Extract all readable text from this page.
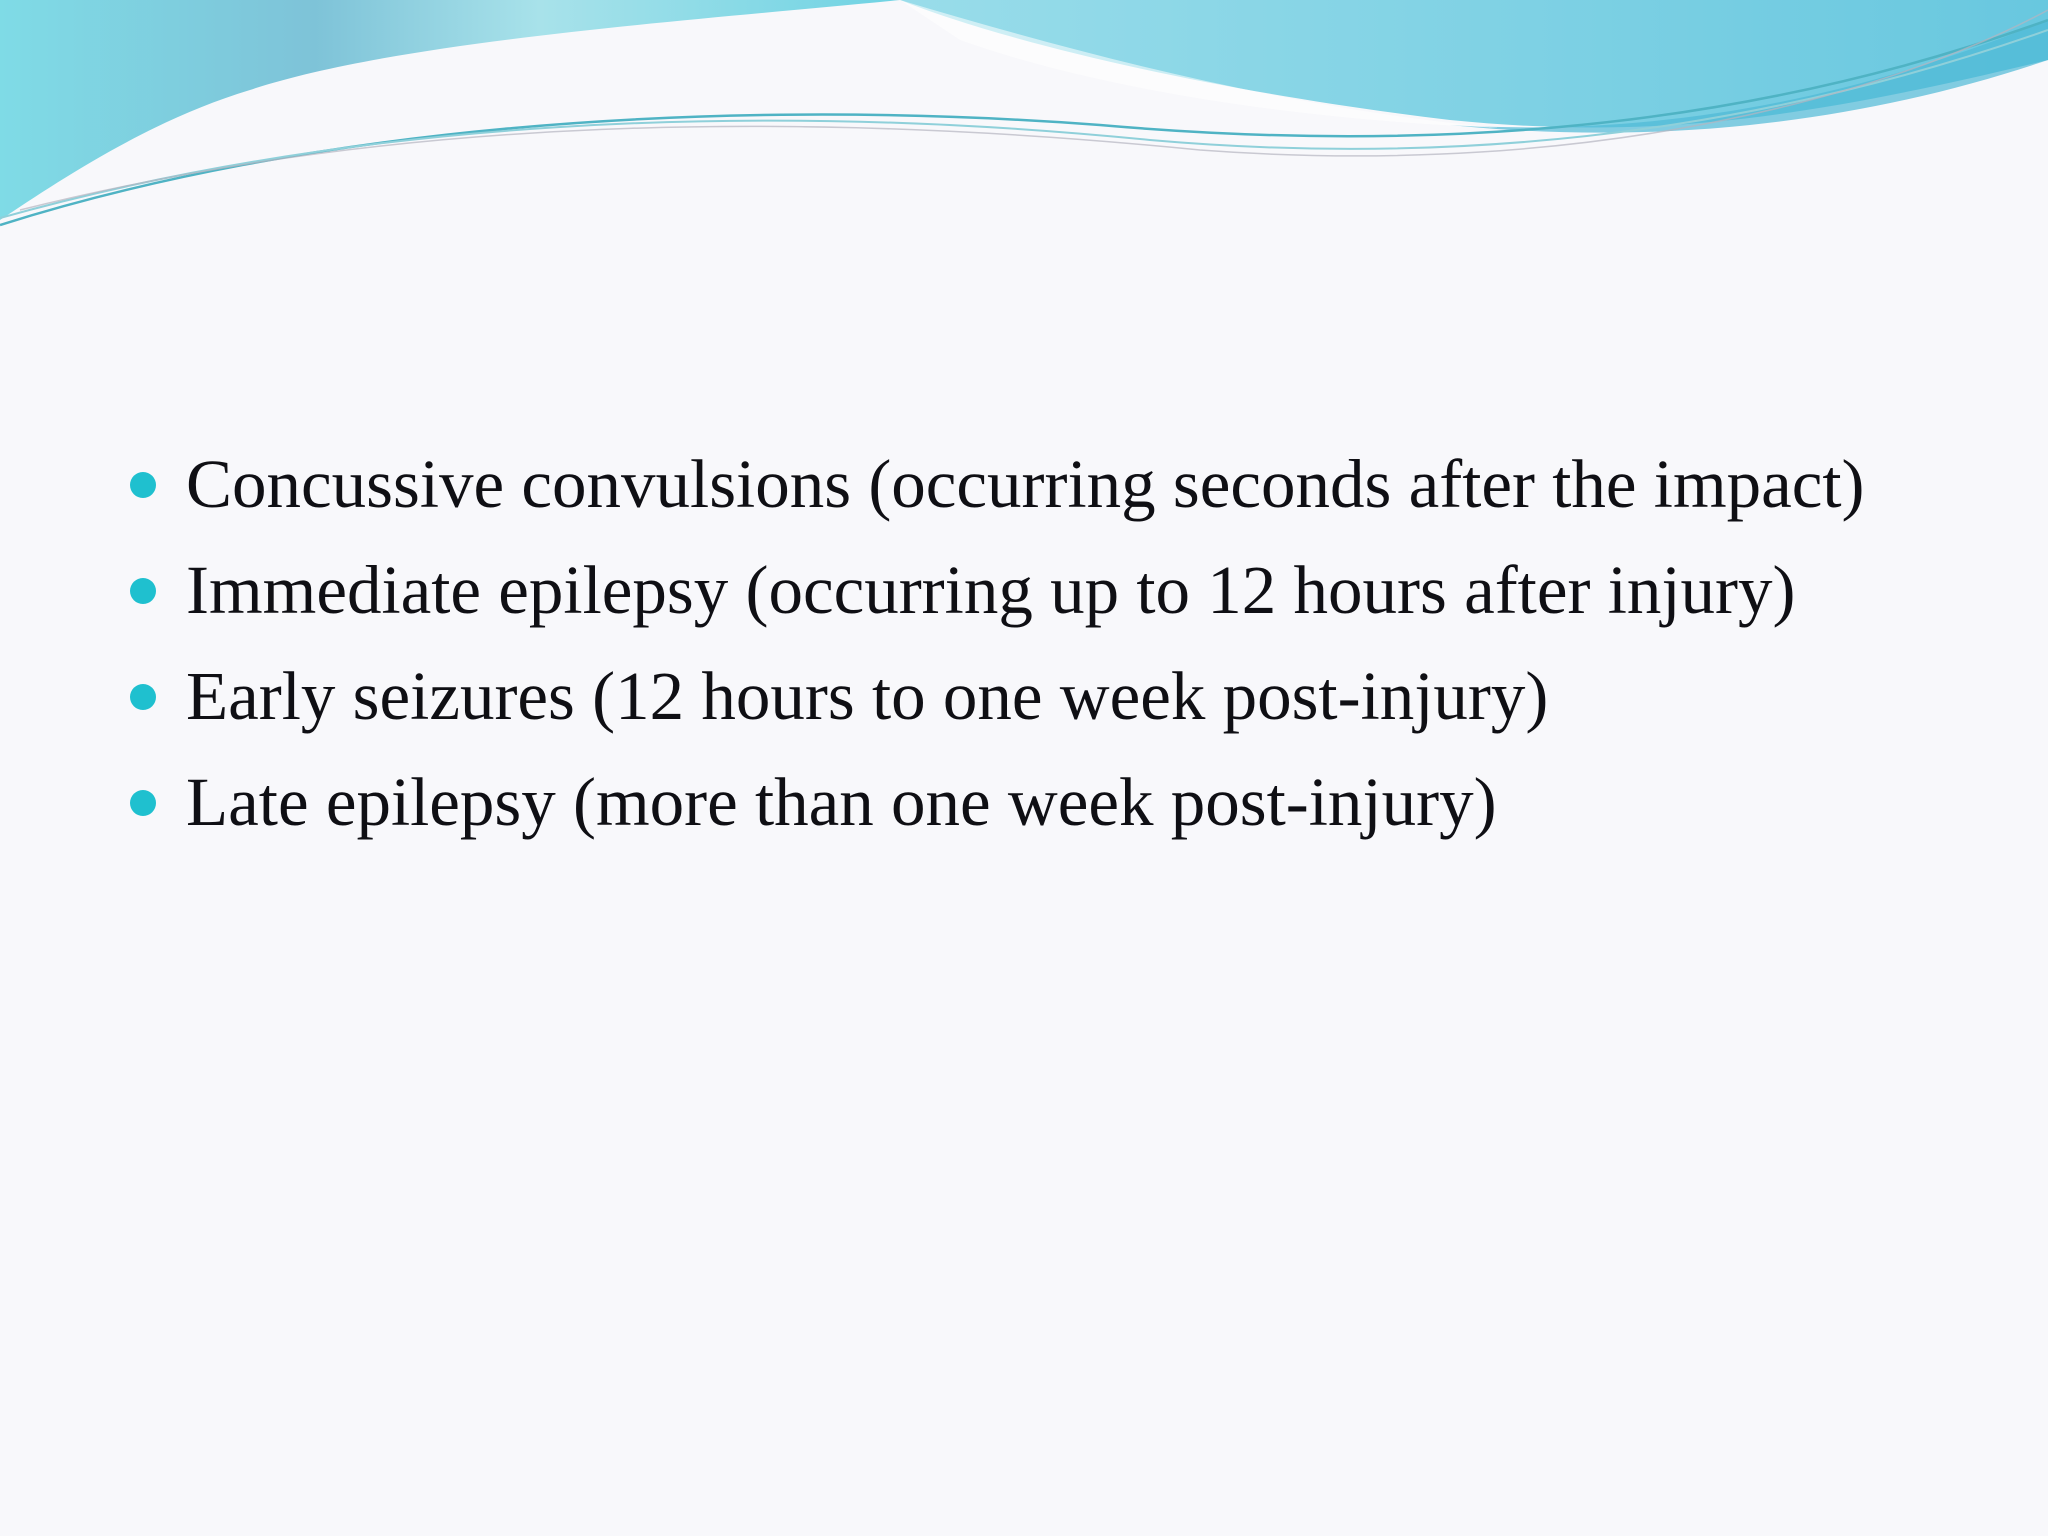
Concussive convulsions (occurring seconds after the impact)
Immediate epilepsy (occurring up to 12 hours after injury)
Early seizures (12 hours to one week post-injury)
Late epilepsy (more than one week post-injury)
